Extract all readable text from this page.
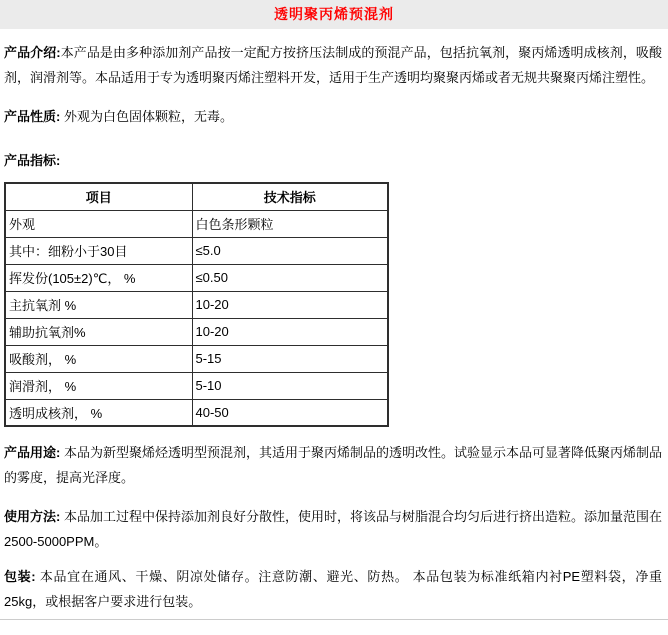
透明聚丙烯预混剂

产品介绍:本产品是由多种添加剂产品按一定配方按挤压法制成的预混产品，包括抗氧剂，聚丙烯透明成核剂，吸酸剂，润滑剂等。本品适用于专为透明聚丙烯注塑料开发，适用于生产透明均聚聚丙烯或者无规共聚聚丙烯注塑性。

产品性质: 外观为白色固体颗粒，无毒。

产品指标:
项目	技术指标
外观	白色条形颗粒
其中：细粉小于30目	≤5.0
挥发份(105±2)℃， %	≤0.50
主抗氧剂 %	10-20
辅助抗氧剂%	10-20
吸酸剂， %	5-15
润滑剂， %	5-10
透明成核剂， %	40-50

产品用途: 本品为新型聚烯烃透明型预混剂，其适用于聚丙烯制品的透明改性。试验显示本品可显著降低聚丙烯制品的雾度，提高光泽度。

使用方法: 本品加工过程中保持添加剂良好分散性，使用时，将该品与树脂混合均匀后进行挤出造粒。添加量范围在2500-5000PPM。

包装: 本品宜在通风、干燥、阴凉处储存。注意防潮、避光、防热。 本品包装为标准纸箱内衬PE塑料袋，净重25kg，或根据客户要求进行包装。
